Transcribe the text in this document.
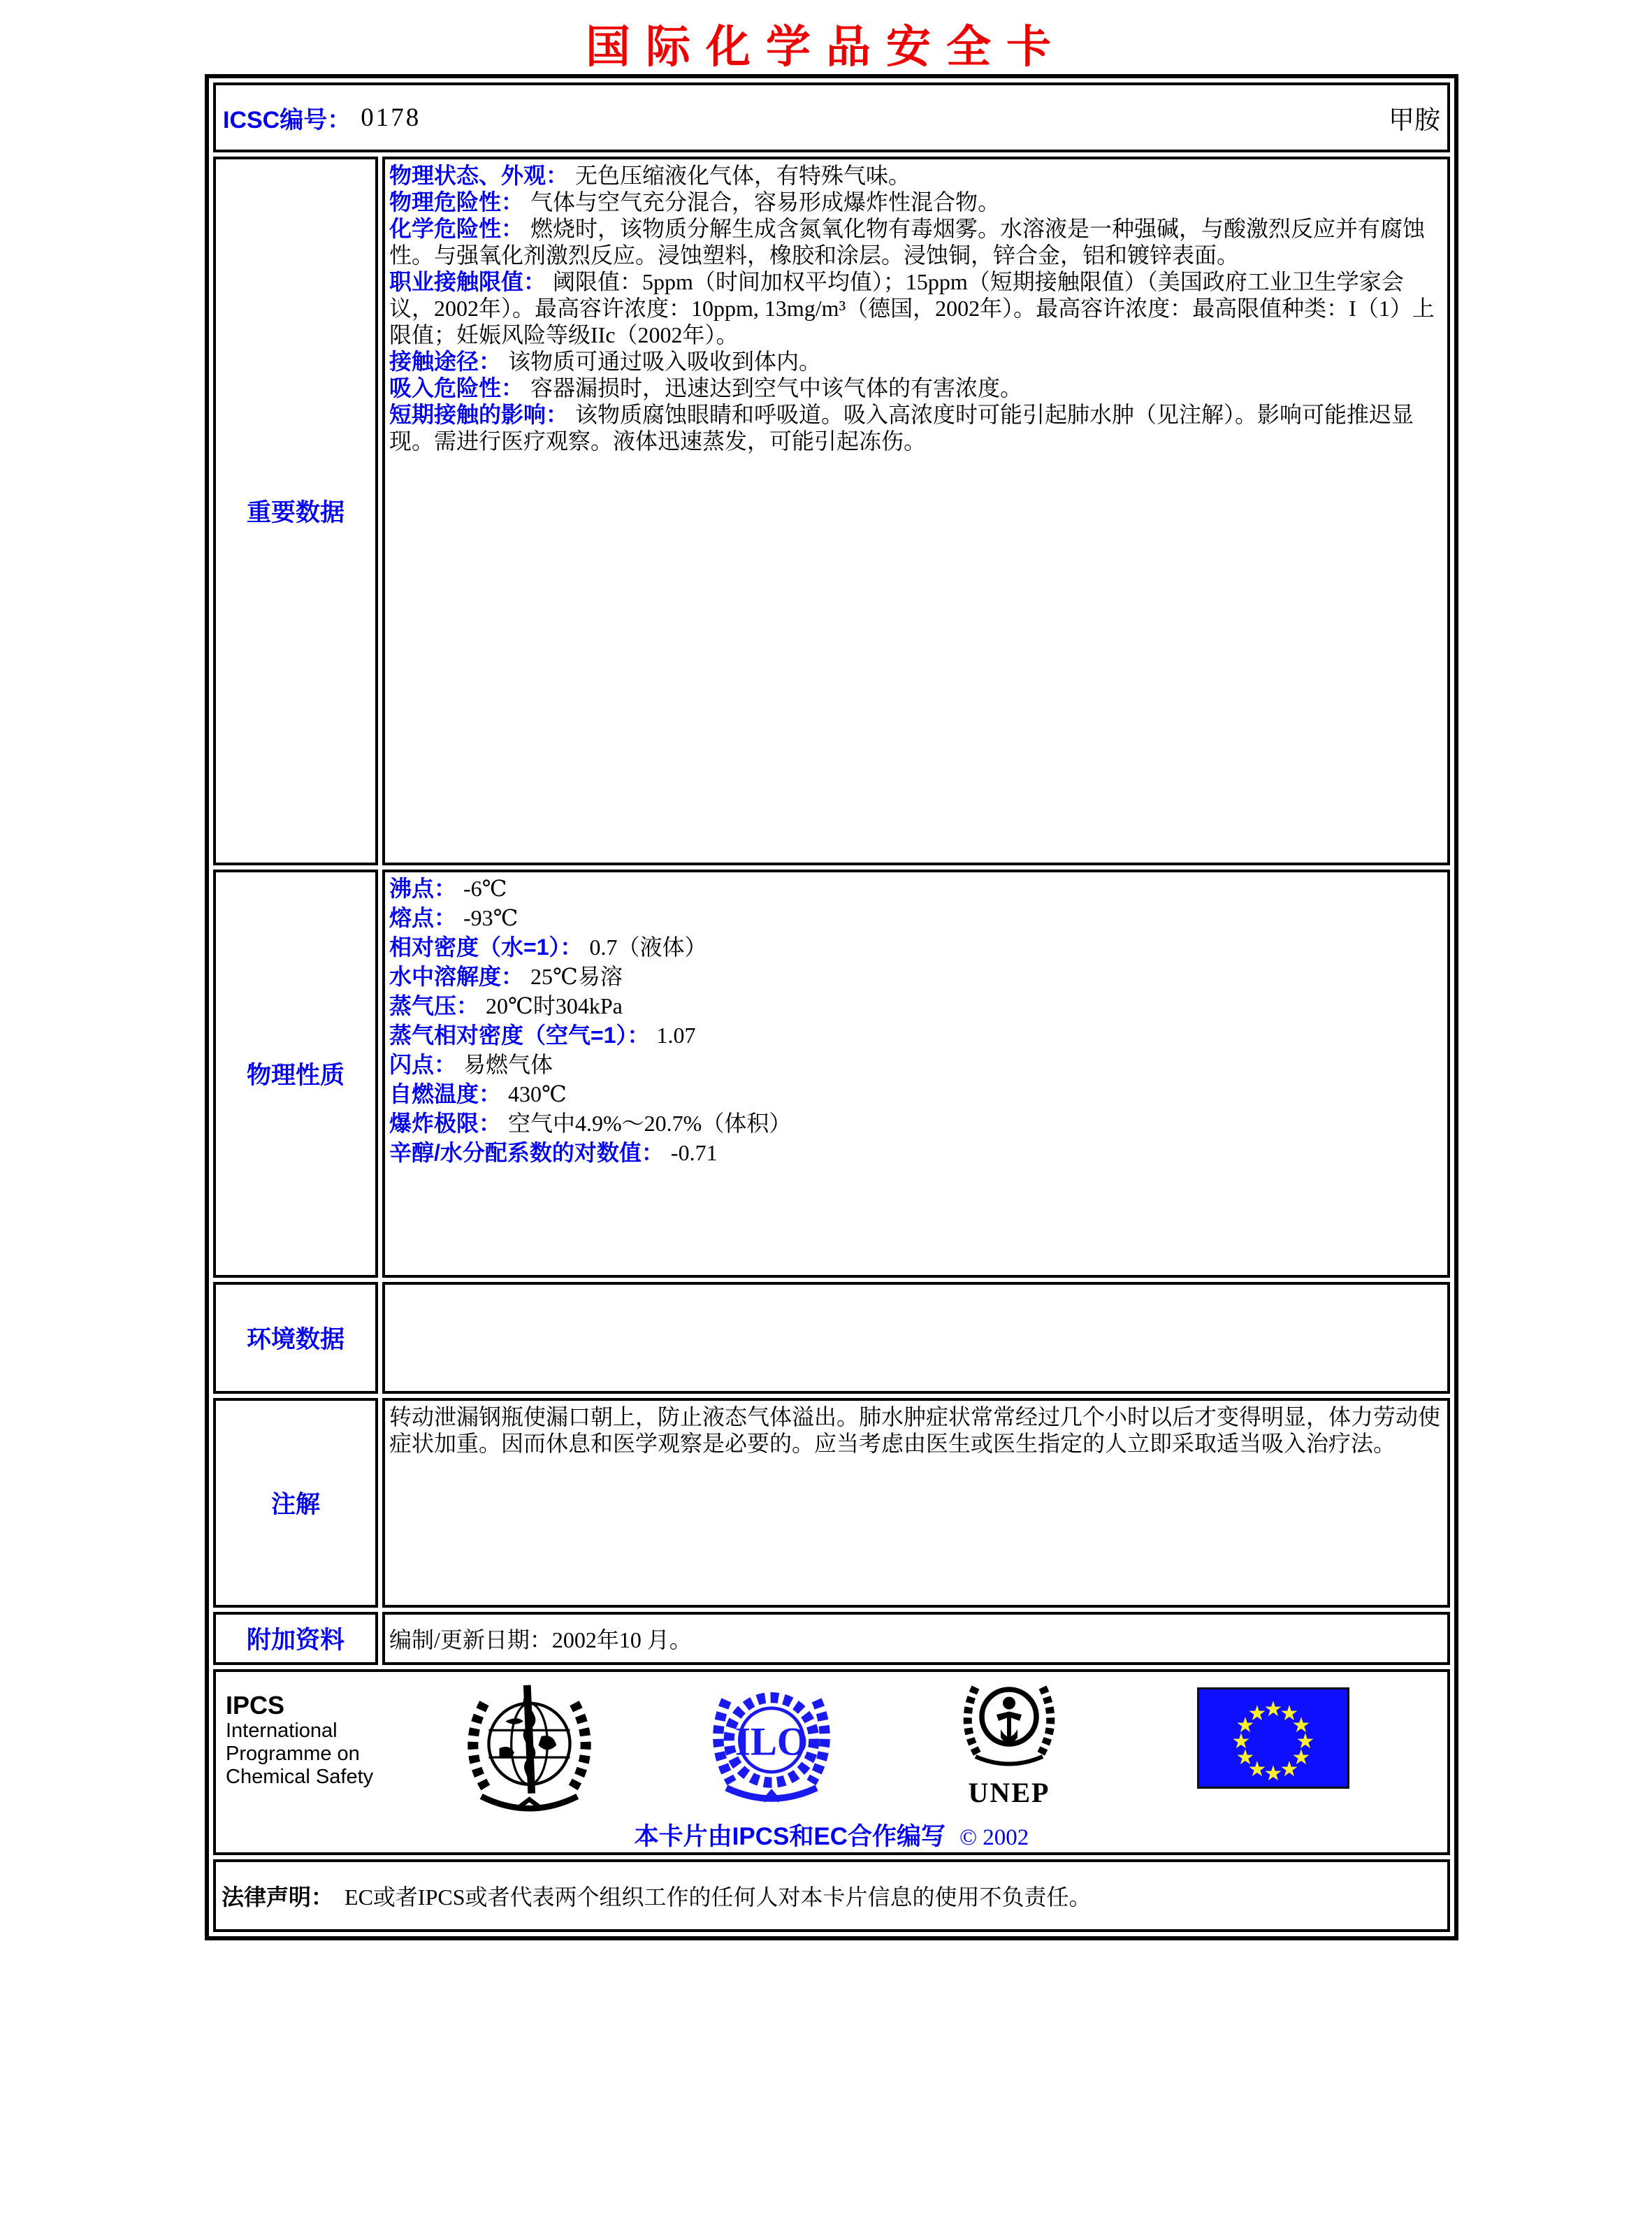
国际化学品安全卡
ICSC编号： 0178 甲胺	

重要数据	
物理状态、外观： 无色压缩液化气体，有特殊气味。
物理危险性： 气体与空气充分混合，容易形成爆炸性混合物。
化学危险性： 燃烧时，该物质分解生成含氮氧化物有毒烟雾。水溶液是一种强碱，与酸激烈反应并有腐蚀性。与强氧化剂激烈反应。浸蚀塑料，橡胶和涂层。浸蚀铜，锌合金，铝和镀锌表面。
职业接触限值： 阈限值：5ppm（时间加权平均值）；15ppm（短期接触限值）（美国政府工业卫生学家会议，2002年）。最高容许浓度：10ppm, 13mg/m³（德国，2002年）。最高容许浓度：最高限值种类：I（1）上限值；妊娠风险等级IIc（2002年）。
接触途径： 该物质可通过吸入吸收到体内。
吸入危险性： 容器漏损时，迅速达到空气中该气体的有害浓度。
短期接触的影响： 该物质腐蚀眼睛和呼吸道。吸入高浓度时可能引起肺水肿（见注解）。影响可能推迟显现。需进行医疗观察。液体迅速蒸发，可能引起冻伤。

物理性质	
沸点： -6℃
熔点： -93℃
相对密度（水=1）： 0.7（液体）
水中溶解度： 25℃易溶
蒸气压： 20℃时304kPa
蒸气相对密度（空气=1）： 1.07
闪点： 易燃气体
自燃温度： 430℃
爆炸极限： 空气中4.9%～20.7%（体积）
辛醇/水分配系数的对数值： -0.71

环境数据	

注解	转动泄漏钢瓶使漏口朝上，防止液态气体溢出。肺水肿症状常常经过几个小时以后才变得明显，体力劳动使症状加重。因而休息和医学观察是必要的。应当考虑由医生或医生指定的人立即采取适当吸入治疗法。

附加资料	编制/更新日期：2002年10 月。

IPCS
International
Programme on
Chemical Safety
ILO
UNEP
★
★
★
★
★
★
★
★
★
★
★
★
本卡片由IPCS和EC合作编写 © 2002

法律声明： EC或者IPCS或者代表两个组织工作的任何人对本卡片信息的使用不负责任。	
